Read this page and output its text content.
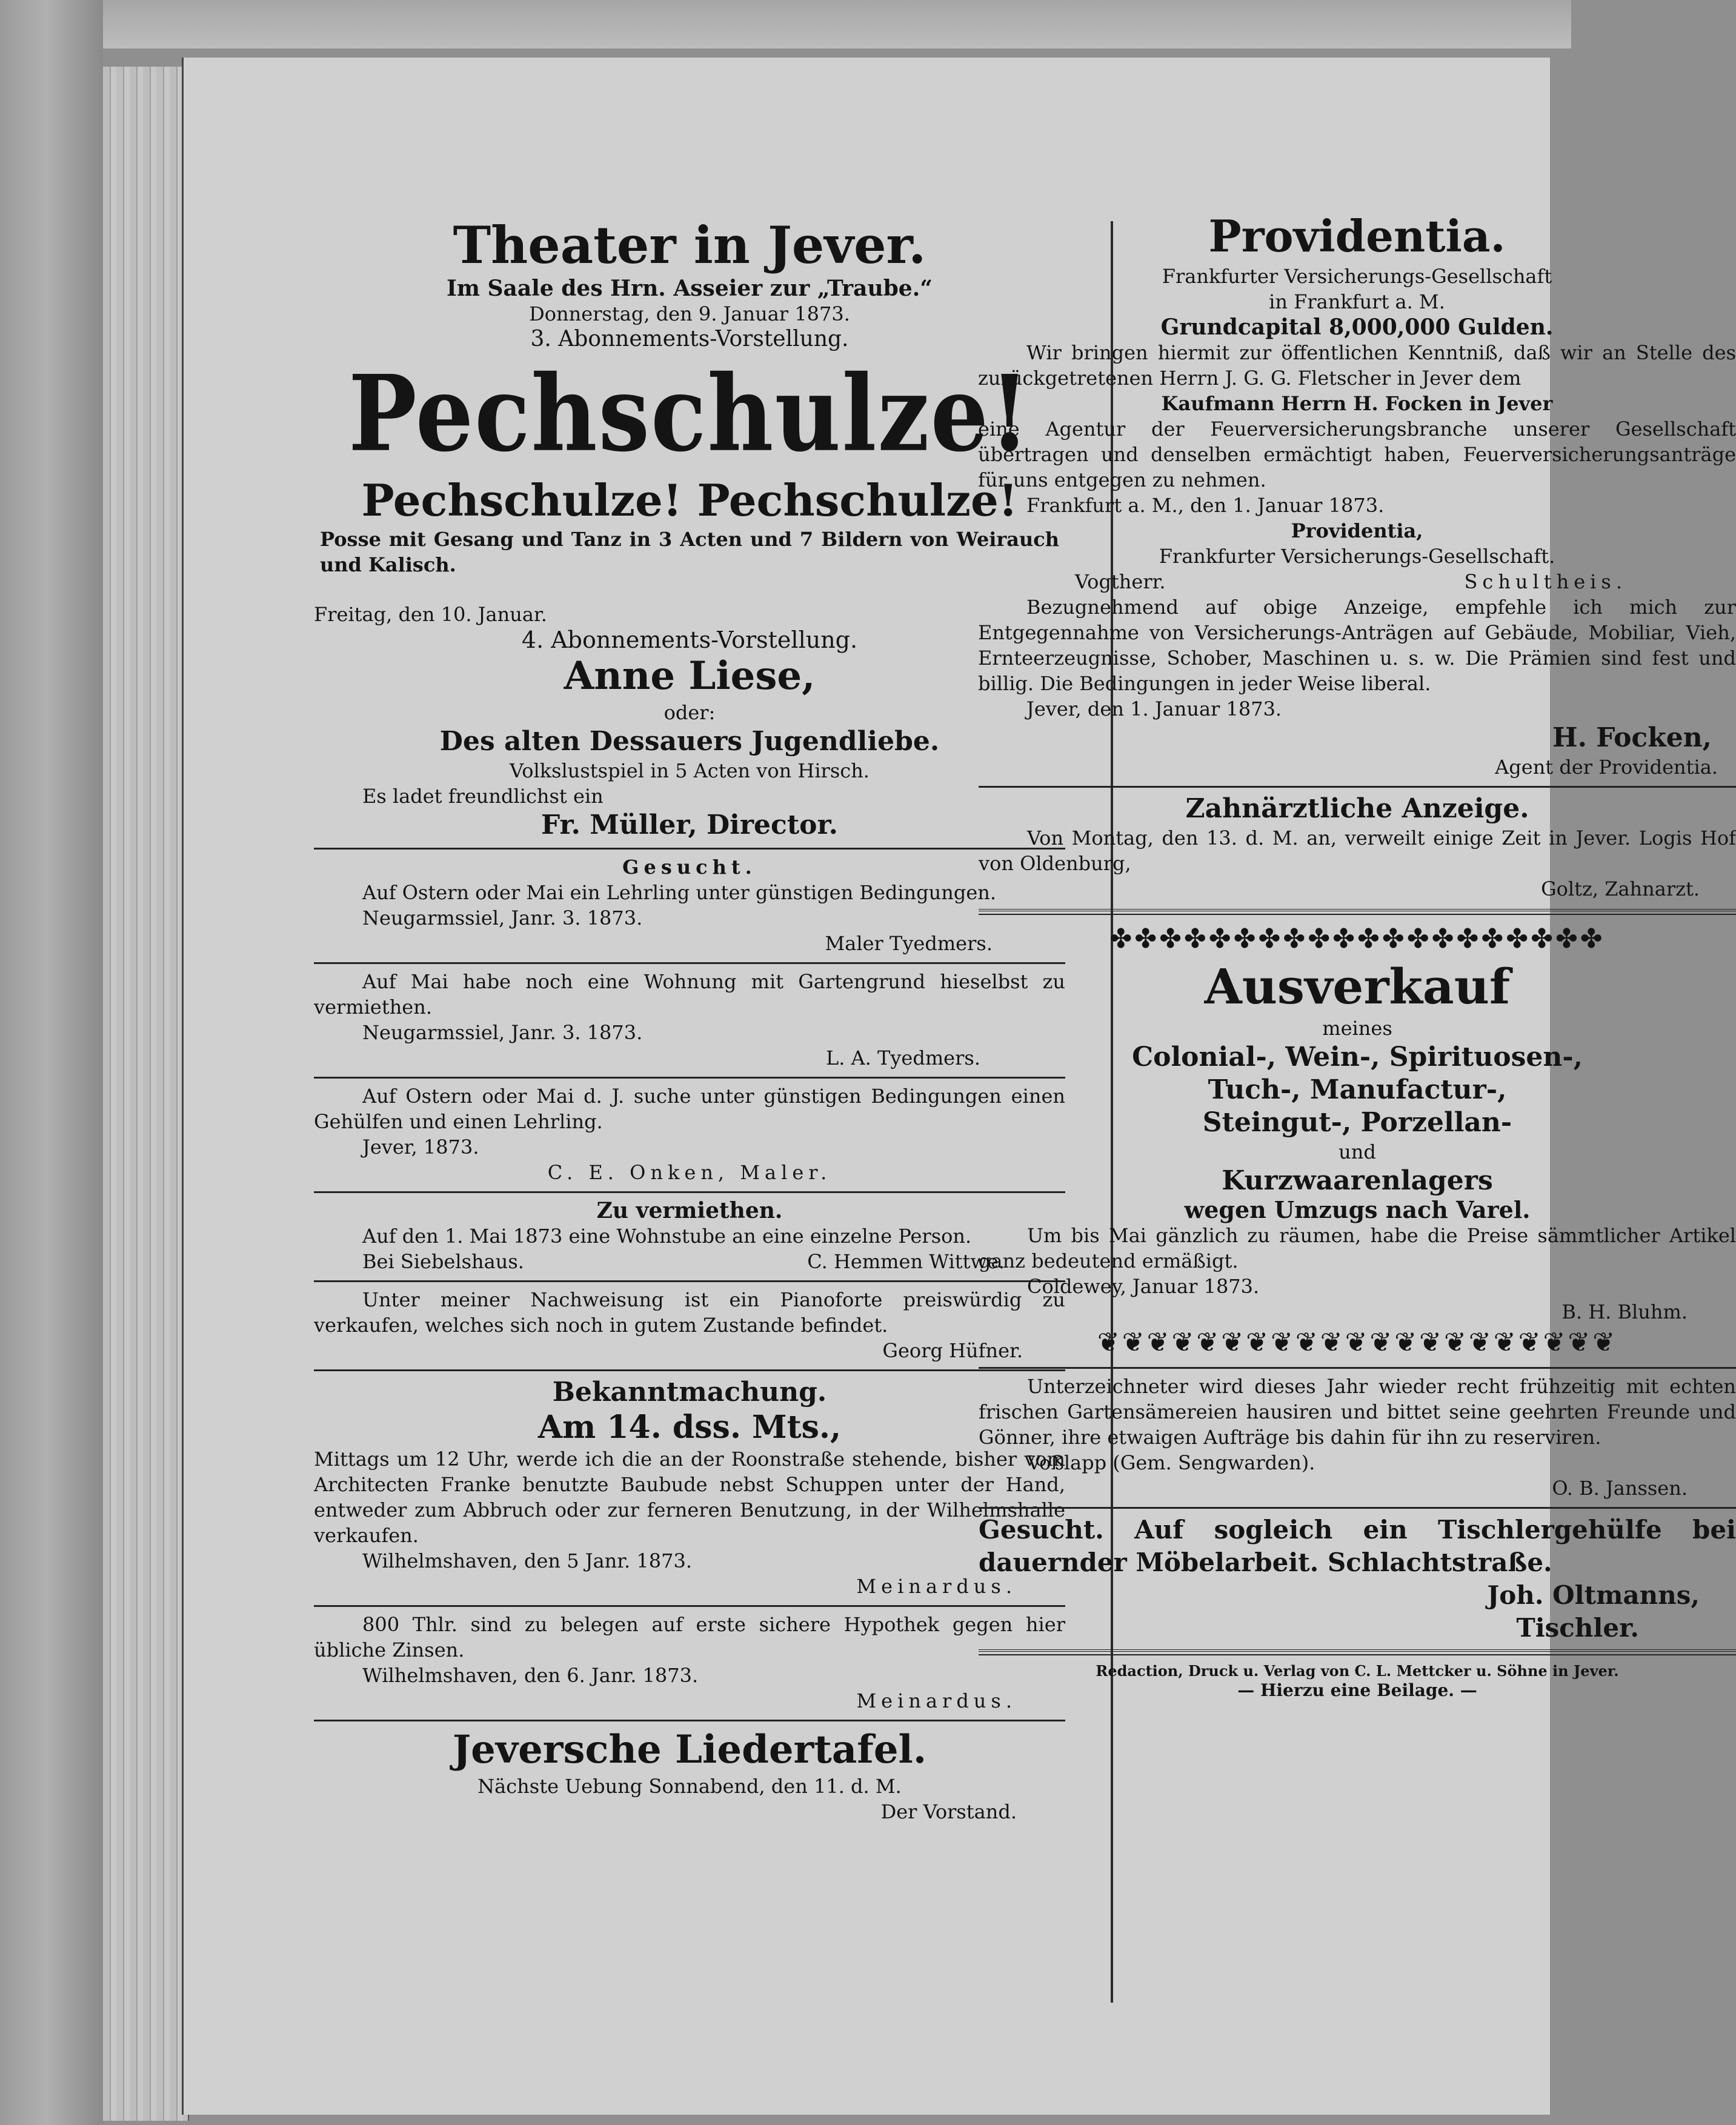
Theater in Jever.
Im Saale des Hrn. Asseier zur „Traube.“
Donnerstag, den 9. Januar 1873.
3. Abonnements-Vorstellung.
Pechschulze!
Pechschulze! Pechschulze!
Posse mit Gesang und Tanz in 3 Acten und 7 Bildern von Weirauch und Kalisch.
Freitag, den 10. Januar.
4. Abonnements-Vorstellung.
Anne Liese,
oder:
Des alten Dessauers Jugendliebe.
Volkslustspiel in 5 Acten von Hirsch.
Es ladet freundlichst ein
Fr. Müller, Director.
Gesucht.
Auf Ostern oder Mai ein Lehrling unter günstigen Bedingungen.
Neugarmssiel, Janr. 3. 1873.
Maler Tyedmers.
Auf Mai habe noch eine Wohnung mit Gartengrund hieselbst zu vermiethen.
Neugarmssiel, Janr. 3. 1873.
L. A. Tyedmers.
Auf Ostern oder Mai d. J. suche unter günstigen Bedingungen einen Gehülfen und einen Lehrling.
Jever, 1873.
C. E. Onken, Maler.
Zu vermiethen.
Auf den 1. Mai 1873 eine Wohnstube an eine einzelne Person.
Bei Siebelshaus.	C. Hemmen Wittwe.
Unter meiner Nachweisung ist ein Pianoforte preiswürdig zu verkaufen, welches sich noch in gutem Zustande befindet.
Georg Hüfner.
Bekanntmachung.
Am 14. dss. Mts.,
Mittags um 12 Uhr, werde ich die an der Roonstraße stehende, bisher vom Architecten Franke benutzte Baubude nebst Schuppen unter der Hand, entweder zum Abbruch oder zur ferneren Benutzung, in der Wilhelmshalle verkaufen.
Wilhelmshaven, den 5 Janr. 1873.
Meinardus.
800 Thlr. sind zu belegen auf erste sichere Hypothek gegen hier übliche Zinsen.
Wilhelmshaven, den 6. Janr. 1873.
Meinardus.
Jeversche Liedertafel.
Nächste Uebung Sonnabend, den 11. d. M.
Der Vorstand.
Providentia.
Frankfurter Versicherungs-Gesellschaft
in Frankfurt a. M.
Grundcapital 8,000,000 Gulden.
Wir bringen hiermit zur öffentlichen Kenntniß, daß wir an Stelle des zurückgetretenen Herrn J. G. G. Fletscher in Jever dem
Kaufmann Herrn H. Focken in Jever
eine Agentur der Feuerversicherungsbranche unserer Gesellschaft übertragen und denselben ermächtigt haben, Feuerversicherungsanträge für uns entgegen zu nehmen.
Frankfurt a. M., den 1. Januar 1873.
Providentia,
Frankfurter Versicherungs-Gesellschaft.
Vogtherr.	Schultheis.
Bezugnehmend auf obige Anzeige, empfehle ich mich zur Entgegennahme von Versicherungs-Anträgen auf Gebäude, Mobiliar, Vieh, Ernteerzeugnisse, Schober, Maschinen u. s. w. Die Prämien sind fest und billig. Die Bedingungen in jeder Weise liberal.
Jever, den 1. Januar 1873.
H. Focken,
Agent der Providentia.
Zahnärztliche Anzeige.
Von Montag, den 13. d. M. an, verweilt einige Zeit in Jever. Logis Hof von Oldenburg,
Goltz, Zahnarzt.
✤✤✤✤✤✤✤✤✤✤✤✤✤✤✤✤✤✤✤✤
Ausverkauf
meines
Colonial-, Wein-, Spirituosen-,
Tuch-, Manufactur-,
Steingut-, Porzellan-
und
Kurzwaarenlagers
wegen Umzugs nach Varel.
Um bis Mai gänzlich zu räumen, habe die Preise sämmtlicher Artikel ganz bedeutend ermäßigt.
Coldewey, Januar 1873.
B. H. Bluhm.
❦❦❦❦❦❦❦❦❦❦❦❦❦❦❦❦❦❦❦❦❦
Unterzeichneter wird dieses Jahr wieder recht frühzeitig mit echten frischen Gartensämereien hausiren und bittet seine geehrten Freunde und Gönner, ihre etwaigen Aufträge bis dahin für ihn zu reserviren.
Voßlapp (Gem. Sengwarden).
O. B. Janssen.
Gesucht. Auf sogleich ein Tischlergehülfe bei dauernder Möbelarbeit. Schlachtstraße.
Joh. Oltmanns,
Tischler.
Redaction, Druck u. Verlag von C. L. Mettcker u. Söhne in Jever.
— Hierzu eine Beilage. —
